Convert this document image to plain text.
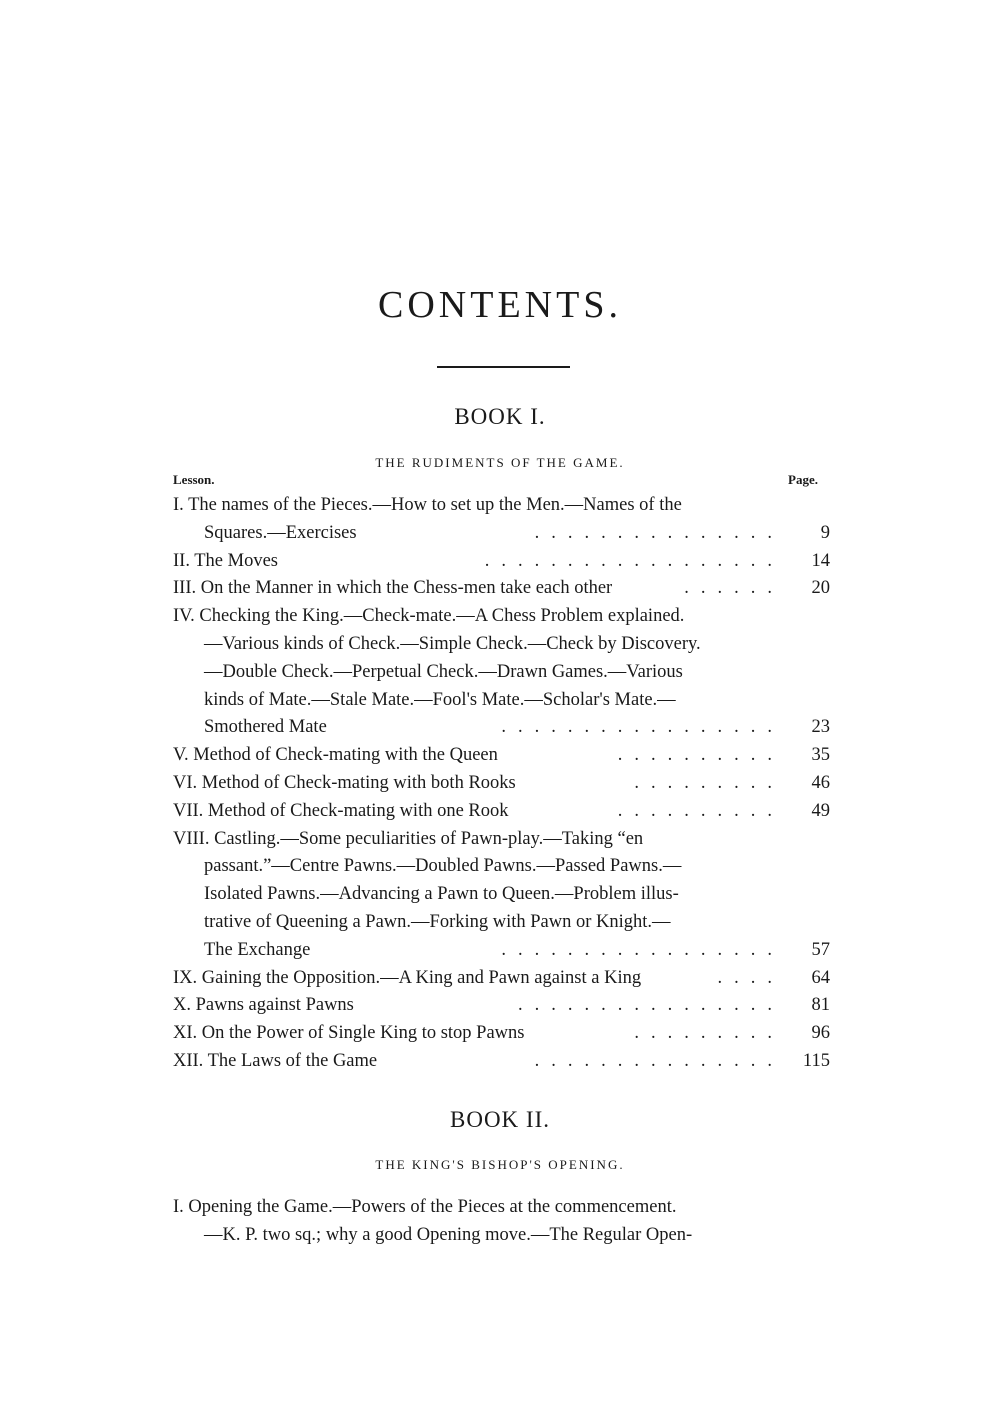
CONTENTS.
BOOK I.
THE RUDIMENTS OF THE GAME.
Lesson.	Page.
I. The names of the Pieces.—How to set up the Men.—Names of the
Squares.—Exercises	...............	9
II. The Moves	..................	14
III. On the Manner in which the Chess-men take each other	......	20
IV. Checking the King.—Check-mate.—A Chess Problem explained.
—Various kinds of Check.—Simple Check.—Check by Discovery.
—Double Check.—Perpetual Check.—Drawn Games.—Various
kinds of Mate.—Stale Mate.—Fool's Mate.—Scholar's Mate.—
Smothered Mate	.................	23
V. Method of Check-mating with the Queen	..........	35
VI. Method of Check-mating with both Rooks	.........	46
VII. Method of Check-mating with one Rook	..........	49
VIII. Castling.—Some peculiarities of Pawn-play.—Taking “en
passant.”—Centre Pawns.—Doubled Pawns.—Passed Pawns.—
Isolated Pawns.—Advancing a Pawn to Queen.—Problem illus-
trative of Queening a Pawn.—Forking with Pawn or Knight.—
The Exchange	.................	57
IX. Gaining the Opposition.—A King and Pawn against a King	....	64
X. Pawns against Pawns	................	81
XI. On the Power of Single King to stop Pawns	.........	96
XII. The Laws of the Game	...............	115
BOOK II.
THE KING'S BISHOP'S OPENING.
I. Opening the Game.—Powers of the Pieces at the commencement.
—K. P. two sq.; why a good Opening move.—The Regular Open-
